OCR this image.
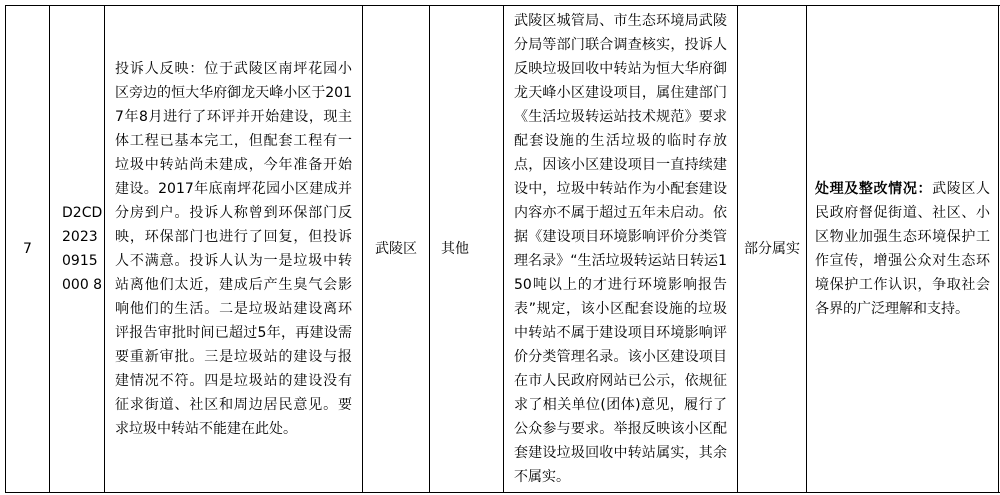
7	D2CD20230915000 8	投诉人反映：位于武陵区南坪花园小区旁边的恒大华府御龙天峰小区于2017年8月进行了环评并开始建设，现主体工程已基本完工，但配套工程有一垃圾中转站尚未建成，今年准备开始建设。2017年底南坪花园小区建成并分房到户。投诉人称曾到环保部门反映，环保部门也进行了回复，但投诉人不满意。投诉人认为一是垃圾中转站离他们太近，建成后产生臭气会影响他们的生活。二是垃圾站建设离环评报告审批时间已超过5年，再建设需要重新审批。三是垃圾站的建设与报建情况不符。四是垃圾站的建设没有征求街道、社区和周边居民意见。要求垃圾中转站不能建在此处。	武陵区	其他	武陵区城管局、市生态环境局武陵分局等部门联合调查核实，投诉人反映垃圾回收中转站为恒大华府御龙天峰小区建设项目，属住建部门《生活垃圾转运站技术规范》要求配套设施的生活垃圾的临时存放点，因该小区建设项目一直持续建设中，垃圾中转站作为小配套建设内容亦不属于超过五年未启动。依据《建设项目环境影响评价分类管理名录》“生活垃圾转运站日转运150吨以上的才进行环境影响报告表”规定，该小区配套设施的垃圾中转站不属于建设项目环境影响评价分类管理名录。该小区建设项目在市人民政府网站已公示，依规征求了相关单位(团体)意见，履行了公众参与要求。举报反映该小区配套建设垃圾回收中转站属实，其余不属实。	部分属实	处理及整改情况：武陵区人民政府督促街道、社区、小区物业加强生态环境保护工作宣传，增强公众对生态环境保护工作认识，争取社会各界的广泛理解和支持。		
